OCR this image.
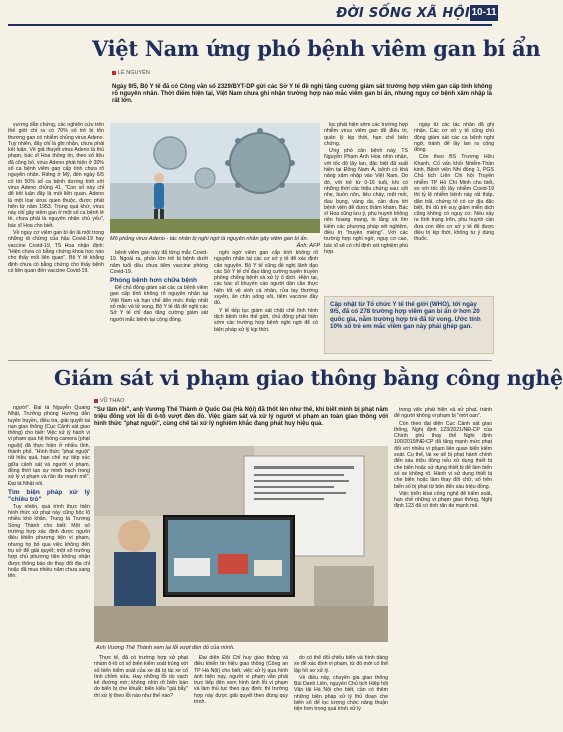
ĐỜI SỐNG XÃ HỘI 10-11
Việt Nam ứng phó bệnh viêm gan bí ẩn
LÊ NGUYÊN
Ngày 9/5, Bộ Y tế đã có Công văn số 2329/BYT-DP gửi các Sở Y tế đề nghị tăng cường giám sát trường hợp viêm gan cấp tính không rõ nguyên nhân. Thời điểm hiện tại, Việt Nam chưa ghi nhận trường hợp nào mắc viêm gan bí ẩn, nhưng nguy cơ bệnh xâm nhập là rất lớn.

vương dẫn chứng, các nghiên cứu trên thế giới chỉ ra có 70% số trẻ bị tổn thương gan có nhiễm chủng virus Adeno. Tuy nhiên, đây chỉ là ghi nhận, chưa phải kết luận. Về giả thuyết virus Adeno là thủ phạm, bác sĩ Hoa thông tin, theo số liệu đã công bố, virus Adeno phát hiện ở 30% số ca bệnh viêm gan cấp tính chưa rõ nguyên nhân. Riêng ở Mỹ, đến ngày 6/5 có tới 50% số ca bệnh dương tính với virus Adeno chủng 41. "Con số này chỉ để kết luận đây là mối liên quan. Adeno là một loại virus quen thuộc, được phát hiện từ năm 1953. Trong quá khứ, virus này chỉ gây viêm gan ở một số ca bệnh lẻ tẻ, chưa phải là nguyên nhân chủ yếu", bác sĩ Hoa cho biết.

Về nguy cơ viêm gan bí ẩn là một trong những di chứng của hậu Covid-19 hay vaccine Covid-19, TS Hoa nhận định: "Hiện chưa có bằng chứng khoa học nào cho thấy mối liên quan". Bộ Y tế khẳng định chưa có bằng chứng cho thấy bệnh có liên quan đến vaccine Covid-19.

Mô phỏng virus Adeno - tác nhân bị nghi ngờ là nguyên nhân gây viêm gan bí ẩn.
Ảnh: AFP

bệnh viêm gan này đã từng mắc Covid-19. Ngoài ra, phần lớn trẻ bị bệnh dưới năm tuổi đều chưa tiêm vaccine phòng Covid-19.

Phòng bệnh hơn chữa bệnh

Để chủ động giám sát các ca bệnh viêm gan cấp tính không rõ nguyên nhân tại Việt Nam và hạn chế đến mức thấp nhất số mắc và tử vong, Bộ Y tế đã đề nghị các Sở Y tế chỉ đạo tăng cường giám sát người mắc bệnh tại cộng đồng.

nghi ngờ viêm gan cấp tính không rõ nguyên nhân tại các cơ sở y tế để xác định căn nguyên. Bộ Y tế cũng đề nghị lãnh đạo các Sở Y tế chỉ đạo tăng cường tuyên truyền phòng chống bệnh và xử lý ổ dịch. Hiện tại, các bác sĩ khuyến cáo người dân cần thực hiện tốt vệ sinh cá nhân, rửa tay thường xuyên, ăn chín uống sôi, tiêm vaccine đầy đủ.

Y tế tiếp tục giám sát chặt chẽ tình hình dịch bệnh trên thế giới, chủ động phát hiện sớm các trường hợp bệnh nghi ngờ để có biện pháp xử lý kịp thời.

lọc phát hiện sớm các trường hợp nhiễm virus viêm gan để điều trị, quản lý kịp thời, hạn chế biến chứng.

Ưng phó căn bệnh này, TS Nguyễn Phạm Anh Hoa nhìn nhận, với tốc độ lây lan, đặc biệt đã xuất hiện tại Đông Nam Á, bệnh có khả năng xâm nhập vào Việt Nam. Do đó, với trẻ từ 0-16 tuổi, khi có những thời các triệu chứng sau: sốt nhẹ, buồn nôn, tiêu chảy, mệt mỏi, đau bụng, vàng da, cần đưa tới bệnh viện để được thăm khám. Bác sĩ Hoa cũng lưu ý, phụ huynh không nên hoang mang, lo lắng và tìm kiếm các phương pháp xét nghiệm, điều trị "truyền miệng". Với các trường hợp nghi ngờ, nguy cơ cao, bác sĩ sẽ có chỉ định xét nghiệm phù hợp.

ngày từ các tác nhân đã ghi nhận. Các cơ sở y tế cũng chủ động giám sát các ca bệnh nghi ngờ, tránh để lây lan ra cộng đồng.

Còn theo BS Trương Hữu Khanh, Cố vấn khối Nhiễm-Thần kinh, Bệnh viện Nhi đồng 1, PGS Chủ tịch Liên Chi hội Truyền nhiễm TP Hồ Chí Minh cho biết, so với tốc độ lây nhiễm Covid-19 thì tỷ lệ nhiễm bệnh này rất thấp, dân trải, chứng tỏ có cơ địa đặc biệt, thì dù trẻ suy giảm miễn dịch cũng không có nguy cơ. Nếu xảy ra tình trạng trên, phụ huynh cần đưa con đến cơ sở y tế để được điều trị kịp thời, không tự ý dùng thuốc.

Cập nhật từ Tổ chức Y tế thế giới (WHO), tới ngày 9/5, đã có 278 trường hợp viêm gan bí ẩn ở hơn 20 quốc gia, nằm trường hợp trẻ đã tử vong. Ước tính 10% số trẻ em mắc viêm gan này phải ghép gan.
Giám sát vi phạm giao thông bằng công nghệ
VŨ THẢO
"Sư lâm rồi", anh Vương Thế Thành ở Quốc Oai (Hà Nội) đã thốt lên như thế, khi biết mình bị phạt năm triệu đồng vời lỗi đi ô-tô vượt đèn đỏ. Việc giám sát và xử lý người vi phạm an toàn giao thông với hình thức "phạt nguội", cùng chế tài xử lý nghiêm khắc đang phát huy hiệu quả.

người". Đại tá Nguyễn Quang Nhật, Trưởng phòng Hướng dẫn tuyên truyền, điều tra, giải quyết tai nạn giao thông (Cục Cảnh sát giao thông) cho biết: Việc xử lý hành vi vi phạm qua hệ thống camera (phạt nguội) đã thực hiện ở nhiều tỉnh, thành phố. "Hình thức "phạt nguội" rất hiệu quả, hạn chế sự tiếp xúc giữa cảnh sát và người vi phạm, đồng thời tạo sự minh bạch trong xử lý vi phạm và răn đe mạnh mẽ", Đại tá Nhật nói.

Tìm biện pháp xử lý "chiêu trò"

Tuy nhiên, quá trình thực hiện hình thức xử phạt này cũng bộc lộ nhiều khó khăn. Trung tá Trương Song Thành cho biết: Một số trường hợp xác định được người điều khiển phương tiện vi phạm, nhưng họ bỏ qua việc không đến trụ sở để giải quyết; một số trường hợp chủ phương tiện không nhận được thông báo do thay đổi địa chỉ hoặc đã mua nhiều năm chưa sang tên.

Anh Vương Thế Thành xem lại lỗi vượt đèn đỏ của mình.

Thực tế, đã có trường hợp xử phạt nhầm ô-tô có số biển kiểm soát trùng với số biển kiểm soát của xe đã bị tái xe cố tình chỉnh sửa. Hay những lỗi do vạch kẻ đường mờ; không nhìn rõ biển báo do biển bị che khuất; biển kiểu "gài bẫy" thì xử lý theo lỗi nào như thế nào?

Đại diện Đội Chỉ huy giao thông và điều khiển tín hiệu giao thông (Công an TP Hà Nội) cho biết, việc xử lý qua hình ảnh hiện nay, người vi phạm vẫn phải trực tiếp đến xem hình ảnh lỗi vi phạm và làm thủ tục theo quy định; thì trường hợp này được giải quyết theo đúng quy trình.

do có thể đối chiếu biển và hình dáng xe để xác định vi phạm, từ đó mới có thể lập hồ sơ xử lý.

Về điều này, chuyên gia giao thông Bùi Danh Liên, nguyên Chủ tịch Hiệp hội Vận tải Hà Nội cho biết, cần có thêm những biện pháp xử lý thủ đoạn che biển số để lọc lượng chức năng thuận tiện hơn trong quá trình xử lý.

trong việc phát hiện và xử phạt, tránh để người không vi phạm bị "mời oan".

Còn theo đại diện Cục Cảnh sát giao thông, Nghị định 123/2021/NĐ-CP của Chính phủ thay thế Nghị định 100/2019/NĐ-CP đã tăng mạnh mức phạt đối với nhiều vi phạm liên quan biển kiểm soát. Cụ thể, lái xe sẽ bị phạt hành chính đến sáu triệu đồng nếu xử dụng thiết bị che biển hoặc sử dụng thiết bị để làm biển số xe không rõ. Hành vi sử dụng thiết bị che biển hoặc làm thay đổi chữ, số trên biển số bị phạt từ bốn đến sáu triệu đồng.

Việc triển khai công nghệ để kiểm soát, hạn chế những vi phạm giao thông, Nghị định 123 đã có tính răn đe mạnh mẽ.
